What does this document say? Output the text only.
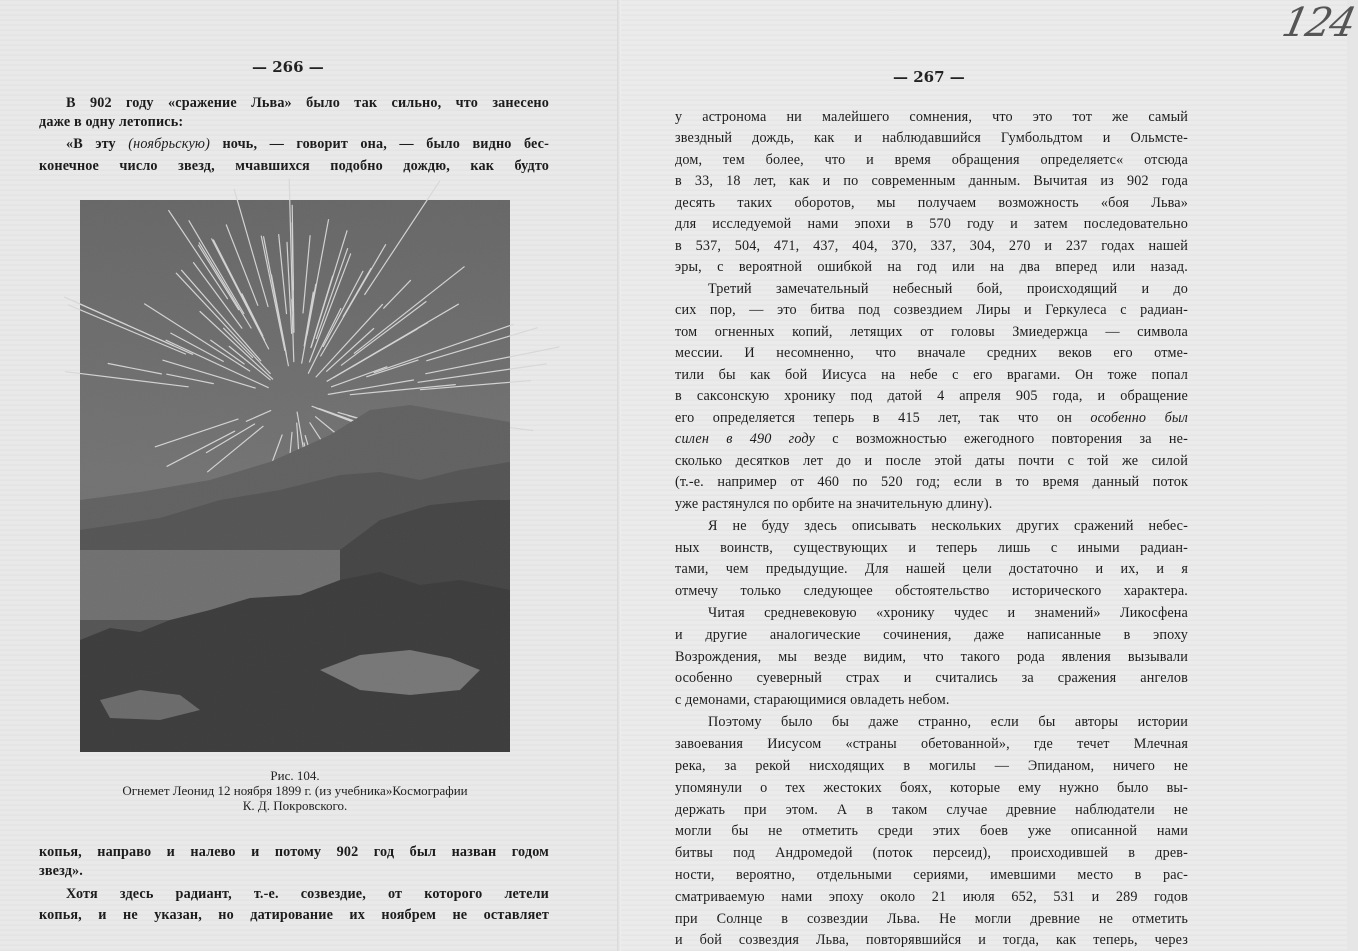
124
— 266 —
В 902 году «сражение Льва» было так сильно, что занесено
даже в одну летопись:
«В эту (ноябрьскую) ночь, — говорит она, — было видно бес-
конечное число звезд, мчавшихся подобно дождю, как будто
Рис. 104.
Огнемет Леонид 12 ноября 1899 г. (из учебника»Космографии
К. Д. Покровского.
копья, направо и налево и потому 902 год был назван годом
звезд».
Хотя здесь радиант, т.-е. созвездие, от которого летели
копья, и не указан, но датирование их ноябрем не оставляет
— 267 —
у астронома ни малейшего сомнения, что это тот же самый
звездный дождь, как и наблюдавшийся Гумбольдтом и Ольмсте-
дом, тем более, что и время обращения определяетс« отсюда
в 33, 18 лет, как и по современным данным. Вычитая из 902 года
десять таких оборотов, мы получаем возможность «боя Льва»
для исследуемой нами эпохи в 570 году и затем последовательно
в 537, 504, 471, 437, 404, 370, 337, 304, 270 и 237 годах нашей
эры, с вероятной ошибкой на год или на два вперед или назад.
Третий замечательный небесный бой, происходящий и до
сих пор, — это битва под созвездием Лиры и Геркулеса с радиан-
том огненных копий, летящих от головы Змиедержца — символа
мессии. И несомненно, что вначале средних веков его отме-
тили бы как бой Иисуса на небе с его врагами. Он тоже попал
в саксонскую хронику под датой 4 апреля 905 года, и обращение
его определяется теперь в 415 лет, так что он особенно был
силен в 490 году с возможностью ежегодного повторения за не-
сколько десятков лет до и после этой даты почти с той же силой
(т.-е. например от 460 по 520 год; если в то время данный поток
уже растянулся по орбите на значительную длину).
Я не буду здесь описывать нескольких других сражений небес-
ных воинств, существующих и теперь лишь с иными радиан-
тами, чем предыдущие. Для нашей цели достаточно и их, и я
отмечу только следующее обстоятельство исторического характера.
Читая средневековую «хронику чудес и знамений» Ликосфена
и другие аналогические сочинения, даже написанные в эпоху
Возрождения, мы везде видим, что такого рода явления вызывали
особенно суеверный страх и считались за сражения ангелов
с демонами, старающимися овладеть небом.
Поэтому было бы даже странно, если бы авторы истории
завоевания Иисусом «страны обетованной», где течет Млечная
река, за рекой нисходящих в могилы — Эпиданом, ничего не
упомянули о тех жестоких боях, которые ему нужно было вы-
держать при этом. А в таком случае древние наблюдатели не
могли бы не отметить среди этих боев уже описанной нами
битвы под Андромедой (поток персеид), происходившей в древ-
ности, вероятно, отдельными сериями, имевшими место в рас-
сматриваемую нами эпоху около 21 июля 652, 531 и 289 годов
при Солнце в созвездии Льва. Не могли древние не отметить
и бой созвездия Льва, повторявшийся и тогда, как теперь, через
